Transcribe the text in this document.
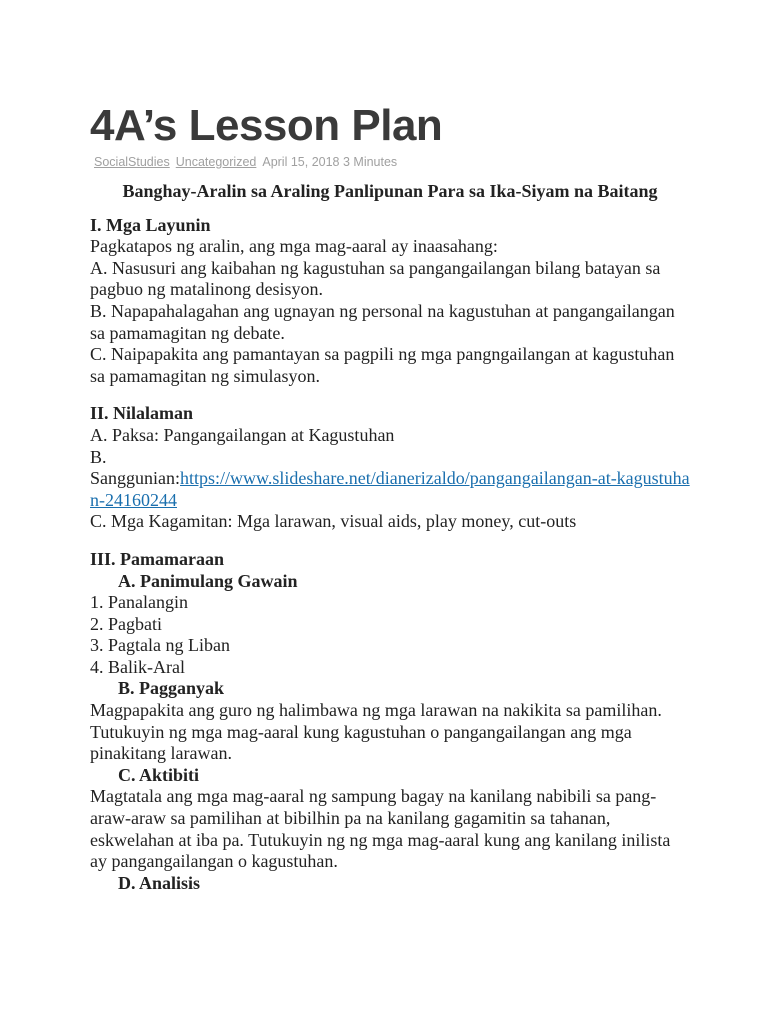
4A’s Lesson Plan
SocialStudies Uncategorized April 15, 2018 3 Minutes

Banghay-Aralin sa Araling Panlipunan Para sa Ika-Siyam na Baitang

I. Mga Layunin

Pagkatapos ng aralin, ang mga mag-aaral ay inaasahang:

A. Nasusuri ang kaibahan ng kagustuhan sa pangangailangan bilang batayan sa pagbuo ng matalinong desisyon.

B. Napapahalagahan ang ugnayan ng personal na kagustuhan at pangangailangan sa pamamagitan ng debate.

C. Naipapakita ang pamantayan sa pagpili ng mga pangngailangan at kagustuhan sa pamamagitan ng simulasyon.

II. Nilalaman

A. Paksa: Pangangailangan at Kagustuhan

B.

Sanggunian:https://www.slideshare.net/dianerizaldo/pangangailangan-at-kagustuhan-24160244

C. Mga Kagamitan: Mga larawan, visual aids, play money, cut-outs

III. Pamamaraan

A. Panimulang Gawain

1. Panalangin

2. Pagbati

3. Pagtala ng Liban

4. Balik-Aral

B. Pagganyak

Magpapakita ang guro ng halimbawa ng mga larawan na nakikita sa pamilihan. Tutukuyin ng mga mag-aaral kung kagustuhan o pangangailangan ang mga pinakitang larawan.

C. Aktibiti

Magtatala ang mga mag-aaral ng sampung bagay na kanilang nabibili sa pang-araw-araw sa pamilihan at bibilhin pa na kanilang gagamitin sa tahanan, eskwelahan at iba pa. Tutukuyin ng ng mga mag-aaral kung ang kanilang inilista ay pangangailangan o kagustuhan.

D. Analisis
